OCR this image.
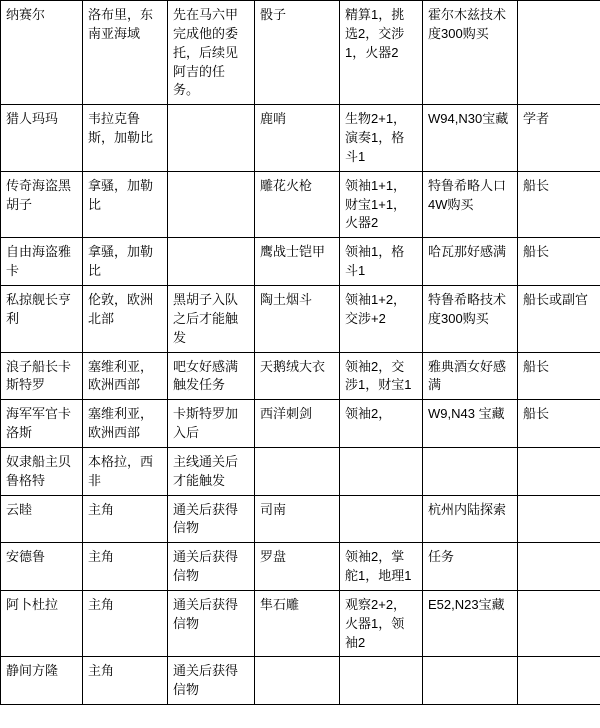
纳赛尔	洛布里，东南亚海域	先在马六甲完成他的委托，后续见阿吉的任务。	骰子	精算1，挑选2，交涉1，火器2	霍尔木兹技术度300购买	

猎人玛玛	韦拉克鲁斯，加勒比		鹿哨	生物2+1，演奏1，格斗1	W94,N30宝藏	学者

传奇海盗黑胡子	拿骚，加勒比		雕花火枪	领袖1+1，财宝1+1，火器2	特鲁希略人口4W购买	船长

自由海盗雅卡	拿骚，加勒比		鹰战士铠甲	领袖1，格斗1	哈瓦那好感满	船长

私掠舰长亨利	伦敦，欧洲北部	黑胡子入队之后才能触发	陶土烟斗	领袖1+2，交涉+2	特鲁希略技术度300购买	船长或副官

浪子船长卡斯特罗	塞维利亚，欧洲西部	吧女好感满触发任务	天鹅绒大衣	领袖2，交涉1，财宝1	雅典酒女好感满	船长

海军军官卡洛斯	塞维利亚，欧洲西部	卡斯特罗加入后	西洋刺剑	领袖2，	W9,N43 宝藏	船长

奴隶船主贝鲁格特	本格拉，西非	主线通关后才能触发				

云睦	主角	通关后获得信物	司南		杭州内陆探索	

安德鲁	主角	通关后获得信物	罗盘	领袖2，掌舵1，地理1	任务	

阿卜杜拉	主角	通关后获得信物	隼石雕	观察2+2，火器1，领袖2	E52,N23宝藏	

静间方隆	主角	通关后获得信物				
